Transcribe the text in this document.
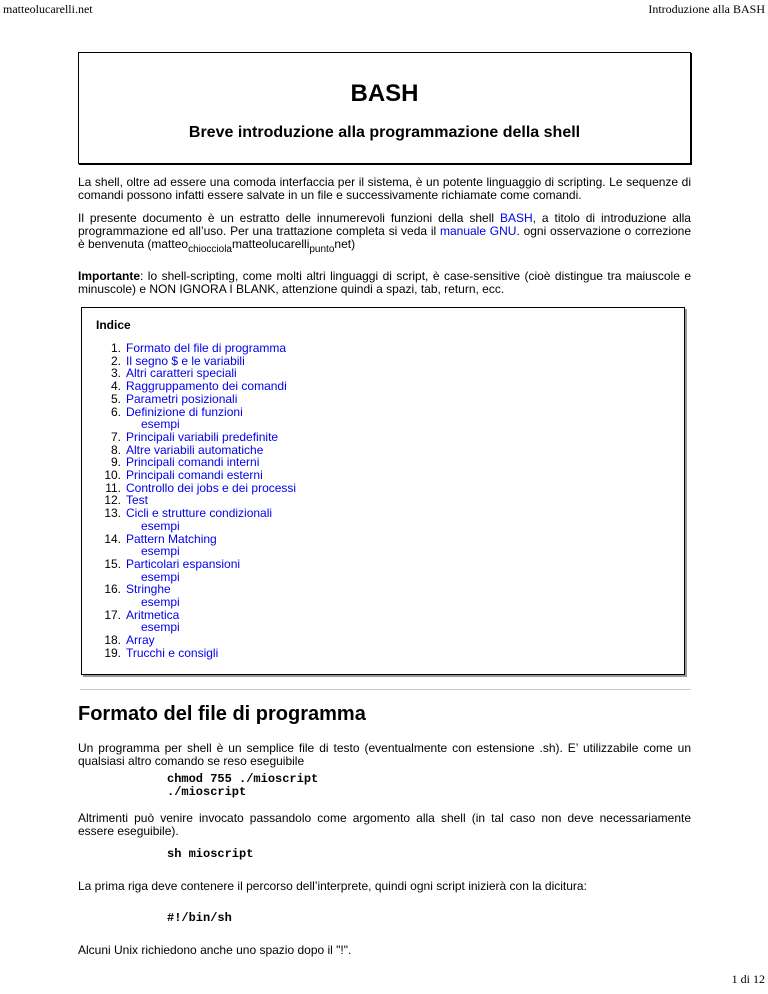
matteolucarelli.net	Introduzione alla BASH
BASH
Breve introduzione alla programmazione della shell

La shell, oltre ad essere una comoda interfaccia per il sistema, è un potente linguaggio di scripting. Le sequenze di comandi possono infatti essere salvate in un file e successivamente richiamate come comandi.

Il presente documento è un estratto delle innumerevoli funzioni della shell BASH, a titolo di introduzione alla programmazione ed all’uso. Per una trattazione completa si veda il manuale GNU. ogni osservazione o correzione è benvenuta (matteo$_{chiocciola}$matteolucarelli$_{punto}$net)

Importante: lo shell-scripting, come molti altri linguaggi di script, è case-sensitive (cioè distingue tra maiuscole e minuscole) e NON IGNORA I BLANK, attenzione quindi a spazi, tab, return, ecc.

Indice

1. Formato del file di programma
2. Il segno $ e le variabili
3. Altri caratteri speciali
4. Raggruppamento dei comandi
5. Parametri posizionali
6. Definizione di funzioni
esempi
7. Principali variabili predefinite
8. Altre variabili automatiche
9. Principali comandi interni
10. Principali comandi esterni
11. Controllo dei jobs e dei processi
12. Test
13. Cicli e strutture condizionali
esempi
14. Pattern Matching
esempi
15. Particolari espansioni
esempi
16. Stringhe
esempi
17. Aritmetica
esempi
18. Array
19. Trucchi e consigli
Formato del file di programma

Un programma per shell è un semplice file di testo (eventualmente con estensione .sh). E’ utilizzabile come un qualsiasi altro comando se reso eseguibile

chmod 755 ./mioscript
./mioscript

Altrimenti può venire invocato passandolo come argomento alla shell (in tal caso non deve necessariamente essere eseguibile).

sh mioscript

La prima riga deve contenere il percorso dell’interprete, quindi ogni script inizierà con la dicitura:

#!/bin/sh

Alcuni Unix richiedono anche uno spazio dopo il "!".

1 di 12
